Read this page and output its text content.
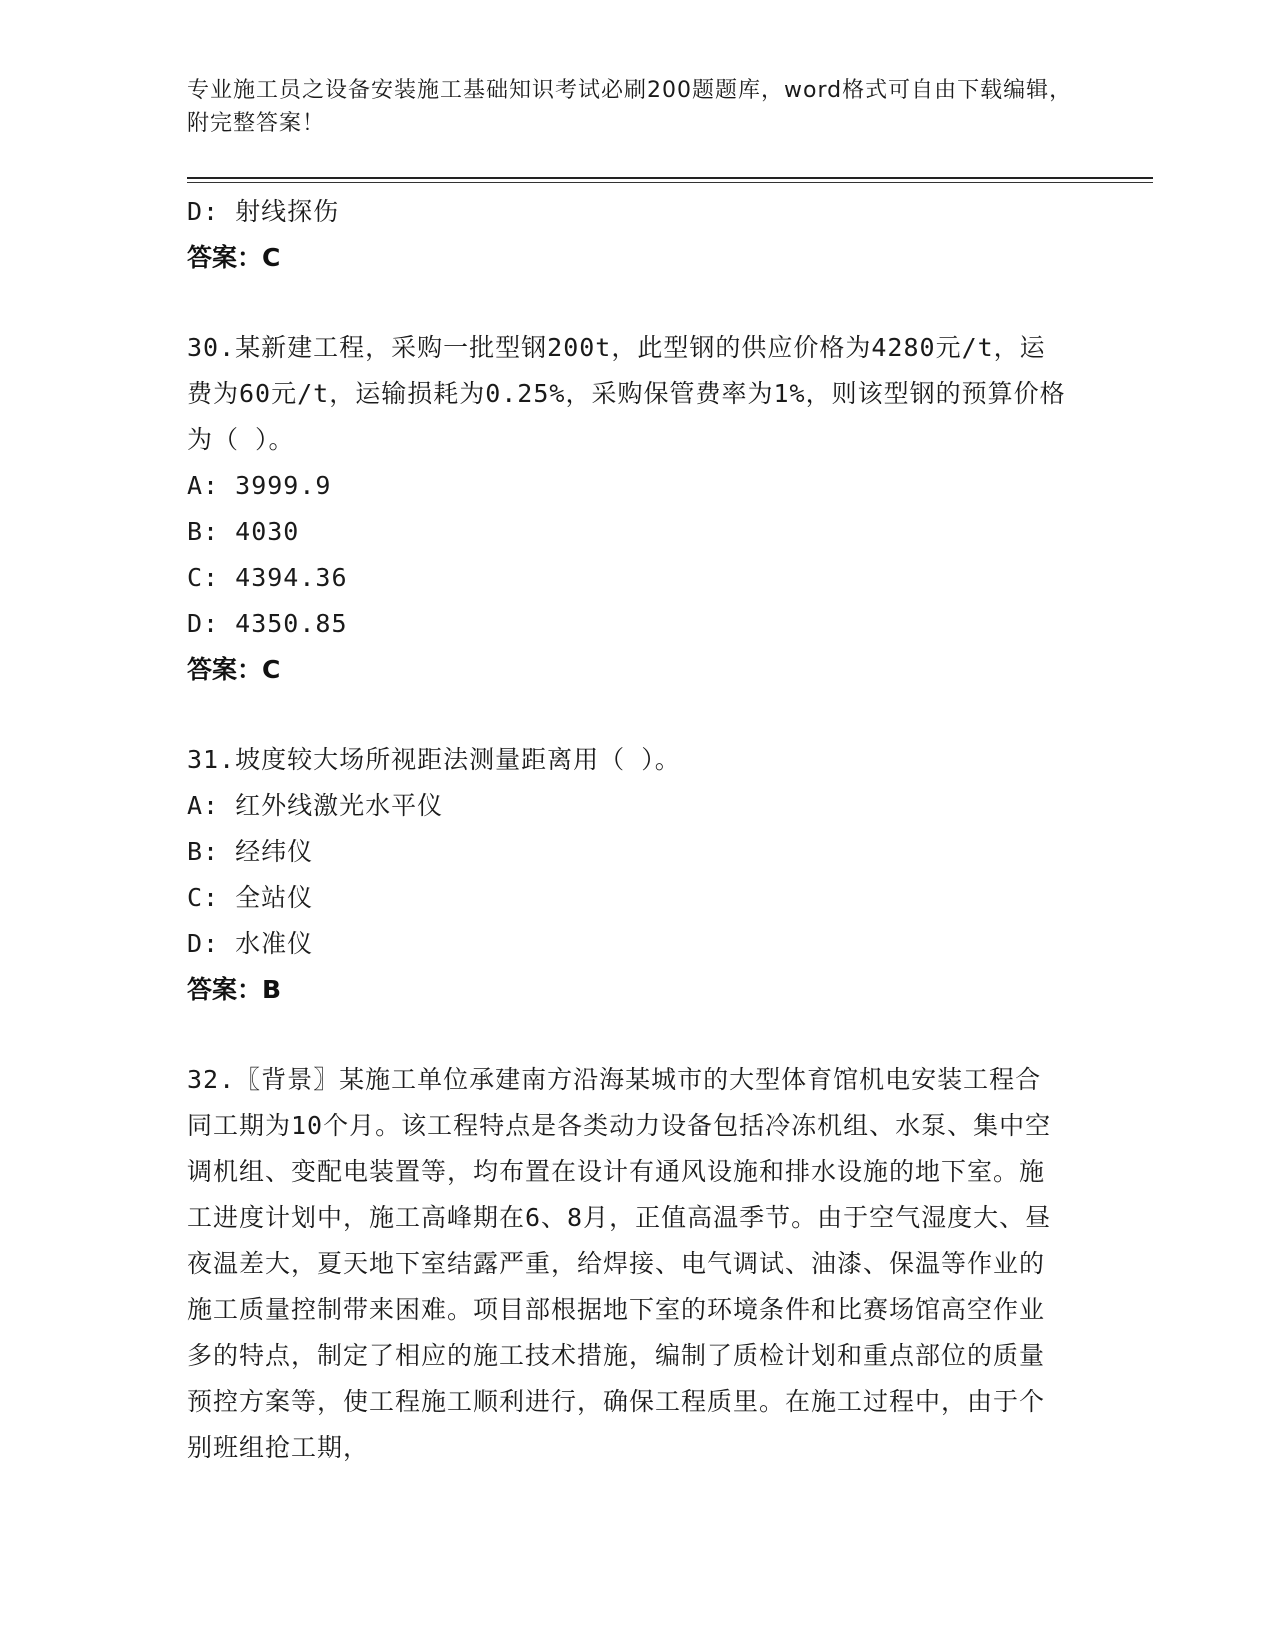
专业施工员之设备安装施工基础知识考试必刷200题题库，word格式可自由下载编辑，附完整答案！
D: 射线探伤
答案：C

30.某新建工程，采购一批型钢200t，此型钢的供应价格为4280元/t，运费为60元/t，运输损耗为0.25%，采购保管费率为1%，则该型钢的预算价格为（ ）。

A: 3999.9
B: 4030
C: 4394.36
D: 4350.85
答案：C
31.坡度较大场所视距法测量距离用（ ）。
A: 红外线激光水平仪
B: 经纬仪
C: 全站仪
D: 水准仪
答案：B

32.〖背景〗某施工单位承建南方沿海某城市的大型体育馆机电安装工程合同工期为10个月。该工程特点是各类动力设备包括冷冻机组、水泵、集中空调机组、变配电装置等，均布置在设计有通风设施和排水设施的地下室。施工进度计划中，施工高峰期在6、8月，正值高温季节。由于空气湿度大、昼夜温差大，夏天地下室结露严重，给焊接、电气调试、油漆、保温等作业的施工质量控制带来困难。项目部根据地下室的环境条件和比赛场馆高空作业多的特点，制定了相应的施工技术措施，编制了质检计划和重点部位的质量预控方案等，使工程施工顺利进行，确保工程质里。在施工过程中，由于个别班组抢工期，
